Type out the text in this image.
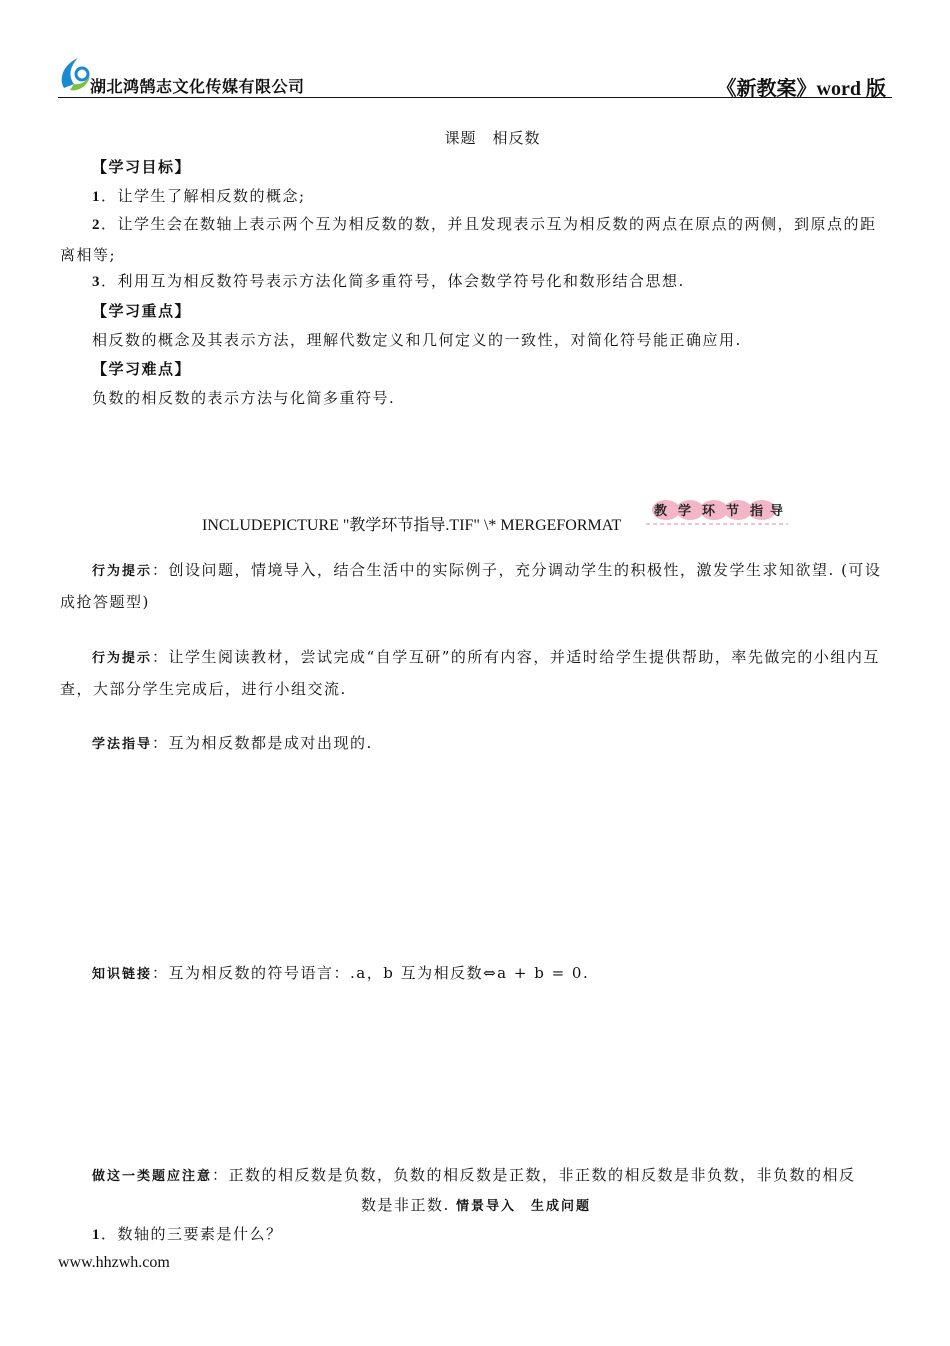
湖北鸿鹄志文化传媒有限公司	《新教案》word 版
课题　相反数
【学习目标】
1．让学生了解相反数的概念;
2．让学生会在数轴上表示两个互为相反数的数，并且发现表示互为相反数的两点在原点的两侧，到原点的距离相等;
3．利用互为相反数符号表示方法化简多重符号，体会数学符号化和数形结合思想.
【学习重点】
相反数的概念及其表示方法，理解代数定义和几何定义的一致性，对简化符号能正确应用.
【学习难点】
负数的相反数的表示方法与化简多重符号.
INCLUDEPICTURE "教学环节指导.TIF" \* MERGEFORMAT
教 学 环 节 指 导
行为提示：创设问题，情境导入，结合生活中的实际例子，充分调动学生的积极性，激发学生求知欲望. (可设成抢答题型)
行为提示：让学生阅读教材，尝试完成“自学互研”的所有内容，并适时给学生提供帮助，率先做完的小组内互查，大部分学生完成后，进行小组交流.
学法指导：互为相反数都是成对出现的.
知识链接：互为相反数的符号语言：.a，b 互为相反数⇔a + b = 0.
做这一类题应注意：正数的相反数是负数，负数的相反数是正数，非正数的相反数是非负数，非负数的相反
数是非正数. 情景导入　生成问题
1．数轴的三要素是什么？
www.hhzwh.com
